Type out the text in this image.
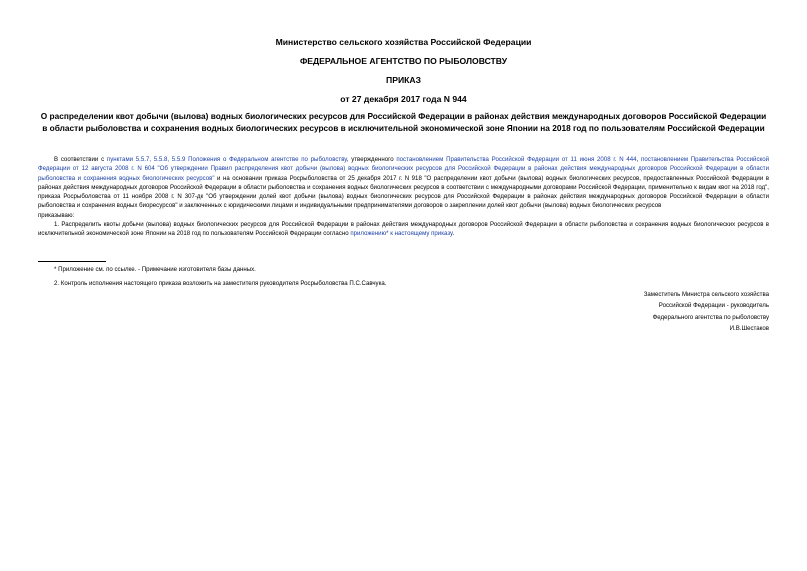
Министерство сельского хозяйства Российской Федерации
ФЕДЕРАЛЬНОЕ АГЕНТСТВО ПО РЫБОЛОВСТВУ
ПРИКАЗ
от 27 декабря 2017 года N 944
О распределении квот добычи (вылова) водных биологических ресурсов для Российской Федерации в районах действия международных договоров Российской Федерации в области рыболовства и сохранения водных биологических ресурсов в исключительной экономической зоне Японии на 2018 год по пользователям Российской Федерации

В соответствии с пунктами 5.5.7, 5.5.8, 5.5.9 Положения о Федеральном агентстве по рыболовству, утвержденного постановлением Правительства Российской Федерации от 11 июня 2008 г. N 444, постановлением Правительства Российской Федерации от 12 августа 2008 г. N 604 "Об утверждении Правил распределения квот добычи (вылова) водных биологических ресурсов для Российской Федерации в районах действия международных договоров Российской Федерации в области рыболовства и сохранения водных биологических ресурсов" и на основании приказа Росрыболовства от 25 декабря 2017 г. N 918 "О распределении квот добычи (вылова) водных биологических ресурсов, предоставленных Российской Федерации в районах действия международных договоров Российской Федерации в области рыболовства и сохранения водных биологических ресурсов в соответствии с международными договорами Российской Федерации, применительно к видам квот на 2018 год", приказа Росрыболовства от 11 ноября 2008 г. N 307-дк "Об утверждении долей квот добычи (вылова) водных биологических ресурсов для Российской Федерации в районах действия международных договоров Российской Федерации в области рыболовства и сохранения водных биоресурсов" и заключенных с юридическими лицами и индивидуальными предпринимателями договоров о закреплении долей квот добычи (вылова) водных биологических ресурсов

приказываю:

1. Распределить квоты добычи (вылова) водных биологических ресурсов для Российской Федерации в районах действия международных договоров Российской Федерации в области рыболовства и сохранения водных биологических ресурсов в исключительной экономической зоне Японии на 2018 год по пользователям Российской Федерации согласно приложению* к настоящему приказу.

* Приложение см. по ссылке. - Примечание изготовителя базы данных.
2. Контроль исполнения настоящего приказа возложить на заместителя руководителя Росрыболовства П.С.Савчука.
Заместитель Министра сельского хозяйства
Российской Федерации - руководитель
Федерального агентства по рыболовству
И.В.Шестаков
